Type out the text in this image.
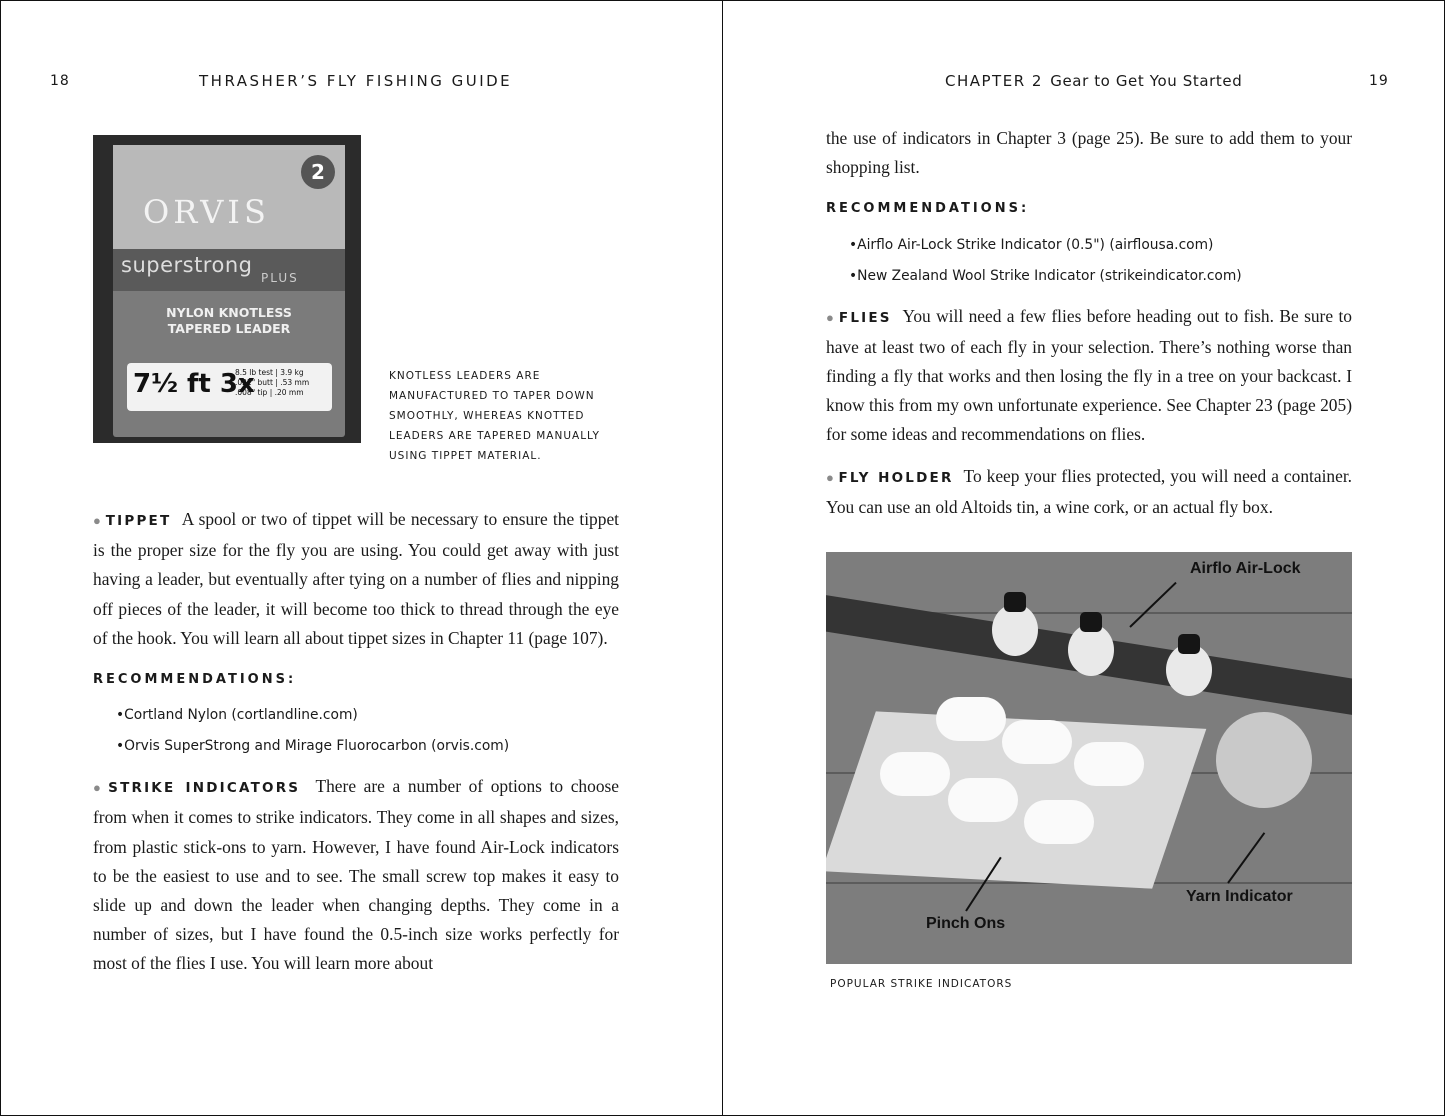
18	THRASHER’S FLY FISHING GUIDE
ORVIS
2
superstrong
PLUS
NYLON KNOTLESS
TAPERED LEADER
7½ ft 3x
8.5 lb test | 3.9 kg
.021" butt | .53 mm
.008" tip | .20 mm
KNOTLESS LEADERS ARE MANUFACTURED TO TAPER DOWN SMOOTHLY, WHEREAS KNOTTED LEADERS ARE TAPERED MANUALLY USING TIPPET MATERIAL.

● TIPPET A spool or two of tippet will be necessary to ensure the tippet is the proper size for the fly you are using. You could get away with just having a leader, but eventually after tying on a number of flies and nipping off pieces of the leader, it will become too thick to thread through the eye of the hook. You will learn all about tippet sizes in Chapter 11 (page 107).

RECOMMENDATIONS:
• Cortland Nylon (cortlandline.com)
• Orvis SuperStrong and Mirage Fluorocarbon (orvis.com)

● STRIKE INDICATORS There are a number of options to choose from when it comes to strike indicators. They come in all shapes and sizes, from plastic stick-ons to yarn. However, I have found Air-Lock indicators to be the easiest to use and to see. The small screw top makes it easy to slide up and down the leader when changing depths. They come in a number of sizes, but I have found the 0.5-inch size works perfectly for most of the flies I use. You will learn more about

CHAPTER 2 Gear to Get You Started	19

the use of indicators in Chapter 3 (page 25). Be sure to add them to your shopping list.

RECOMMENDATIONS:
• Airflo Air-Lock Strike Indicator (0.5") (airflousa.com)
• New Zealand Wool Strike Indicator (strikeindicator.com)

● FLIES You will need a few flies before heading out to fish. Be sure to have at least two of each fly in your selection. There’s nothing worse than finding a fly that works and then losing the fly in a tree on your backcast. I know this from my own unfortunate experience. See Chapter 23 (page 205) for some ideas and recommendations on flies.

● FLY HOLDER To keep your flies protected, you will need a container. You can use an old Altoids tin, a wine cork, or an actual fly box.

Airflo Air-Lock
Yarn Indicator
Pinch Ons
POPULAR STRIKE INDICATORS
